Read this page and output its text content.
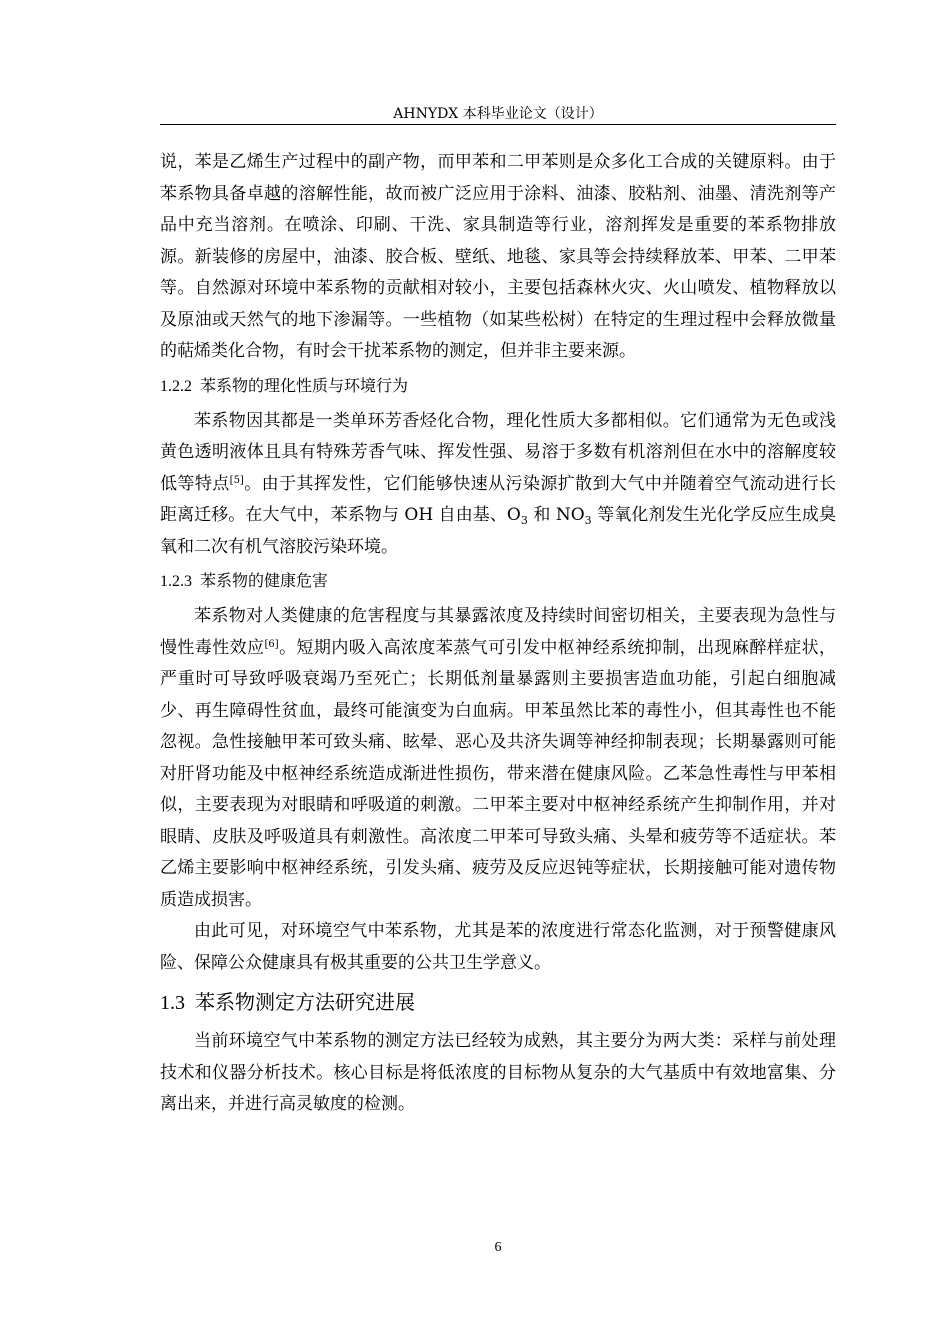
AHNYDX 本科毕业论文（设计）

说，苯是乙烯生产过程中的副产物，而甲苯和二甲苯则是众多化工合成的关键原料。由于苯系物具备卓越的溶解性能，故而被广泛应用于涂料、油漆、胶粘剂、油墨、清洗剂等产品中充当溶剂。在喷涂、印刷、干洗、家具制造等行业，溶剂挥发是重要的苯系物排放源。新装修的房屋中，油漆、胶合板、壁纸、地毯、家具等会持续释放苯、甲苯、二甲苯等。自然源对环境中苯系物的贡献相对较小，主要包括森林火灾、火山喷发、植物释放以及原油或天然气的地下渗漏等。一些植物（如某些松树）在特定的生理过程中会释放微量的萜烯类化合物，有时会干扰苯系物的测定，但并非主要来源。

1.2.2 苯系物的理化性质与环境行为

苯系物因其都是一类单环芳香烃化合物，理化性质大多都相似。它们通常为无色或浅黄色透明液体且具有特殊芳香气味、挥发性强、易溶于多数有机溶剂但在水中的溶解度较低等特点[5]。由于其挥发性，它们能够快速从污染源扩散到大气中并随着空气流动进行长距离迁移。在大气中，苯系物与 OH 自由基、$O_3$ 和 $NO_3$ 等氧化剂发生光化学反应生成臭氧和二次有机气溶胶污染环境。

1.2.3 苯系物的健康危害

苯系物对人类健康的危害程度与其暴露浓度及持续时间密切相关，主要表现为急性与慢性毒性效应[6]。短期内吸入高浓度苯蒸气可引发中枢神经系统抑制，出现麻醉样症状，严重时可导致呼吸衰竭乃至死亡；长期低剂量暴露则主要损害造血功能，引起白细胞减少、再生障碍性贫血，最终可能演变为白血病。甲苯虽然比苯的毒性小，但其毒性也不能忽视。急性接触甲苯可致头痛、眩晕、恶心及共济失调等神经抑制表现；长期暴露则可能对肝肾功能及中枢神经系统造成渐进性损伤，带来潜在健康风险。乙苯急性毒性与甲苯相似，主要表现为对眼睛和呼吸道的刺激。二甲苯主要对中枢神经系统产生抑制作用，并对眼睛、皮肤及呼吸道具有刺激性。高浓度二甲苯可导致头痛、头晕和疲劳等不适症状。苯乙烯主要影响中枢神经系统，引发头痛、疲劳及反应迟钝等症状，长期接触可能对遗传物质造成损害。

由此可见，对环境空气中苯系物，尤其是苯的浓度进行常态化监测，对于预警健康风险、保障公众健康具有极其重要的公共卫生学意义。

1.3 苯系物测定方法研究进展

当前环境空气中苯系物的测定方法已经较为成熟，其主要分为两大类：采样与前处理技术和仪器分析技术。核心目标是将低浓度的目标物从复杂的大气基质中有效地富集、分离出来，并进行高灵敏度的检测。

6
